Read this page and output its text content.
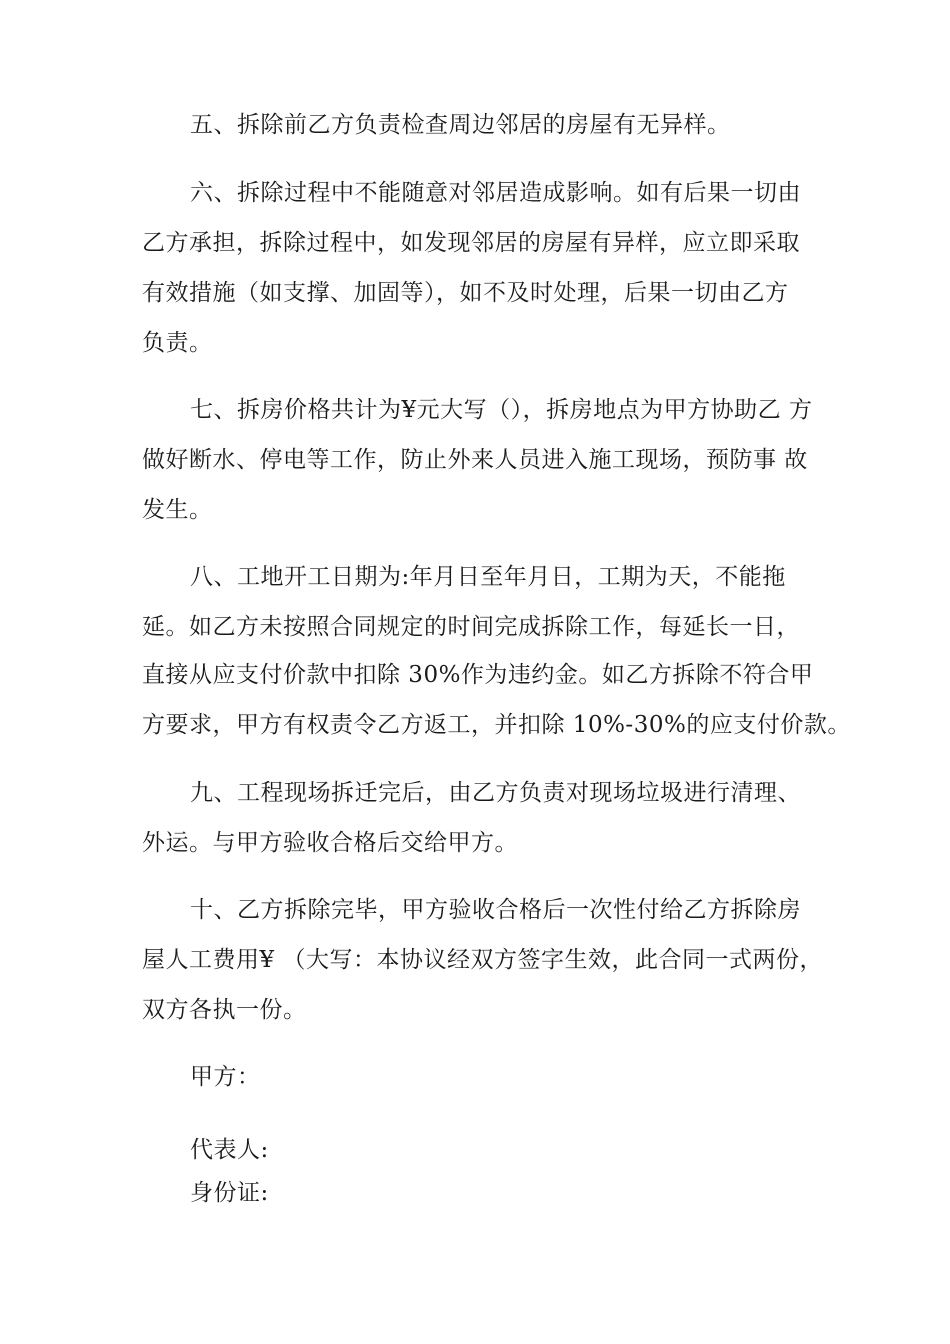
五、拆除前乙方负责检查周边邻居的房屋有无异样。
六、拆除过程中不能随意对邻居造成影响。如有后果一切由
乙方承担，拆除过程中，如发现邻居的房屋有异样，应立即采取
有效措施（如支撑、加固等），如不及时处理，后果一切由乙方
负责。
七、拆房价格共计为¥元大写（），拆房地点为甲方协助乙 方
做好断水、停电等工作，防止外来人员进入施工现场，预防事 故
发生。
八、工地开工日期为:年月日至年月日，工期为天，不能拖
延。如乙方未按照合同规定的时间完成拆除工作，每延长一日，
直接从应支付价款中扣除 30%作为违约金。如乙方拆除不符合甲
方要求，甲方有权责令乙方返工，并扣除 10%-30%的应支付价款。
九、工程现场拆迁完后，由乙方负责对现场垃圾进行清理、
外运。与甲方验收合格后交给甲方。
十、乙方拆除完毕，甲方验收合格后一次性付给乙方拆除房
屋人工费用¥ （大写：本协议经双方签字生效，此合同一式两份，
双方各执一份。
甲方：
代表人:
身份证:
